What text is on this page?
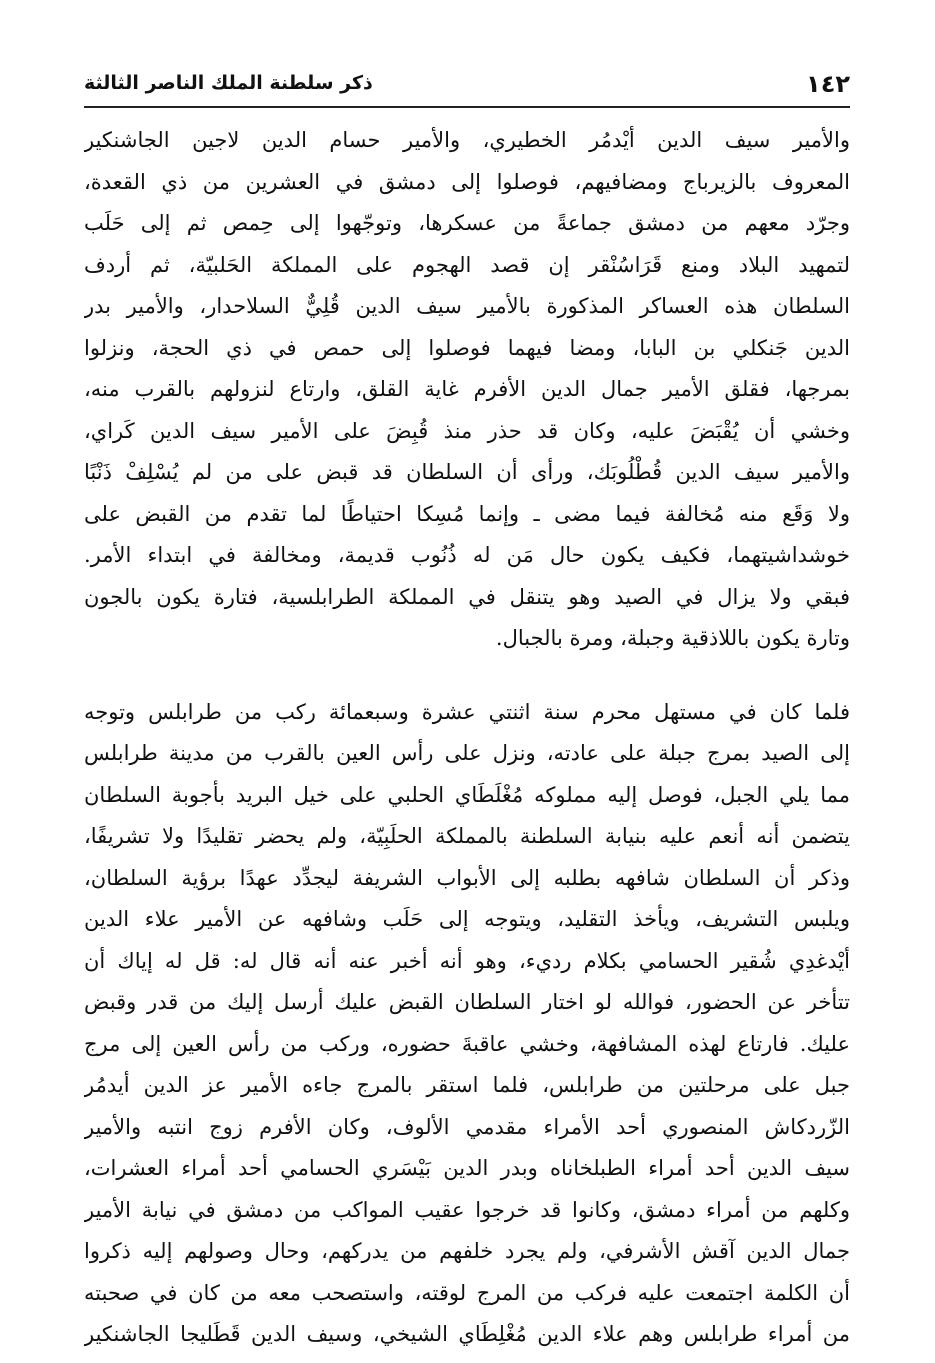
١٤٢
ذكر سلطنة الملك الناصر الثالثة
والأمير سيف الدين أيْدمُر الخطيري، والأمير حسام الدين لاجين الجاشنكير
المعروف بالزيرباج ومضافيهم، فوصلوا إلى دمشق في العشرين من ذي القعدة،
وجرّد معهم من دمشق جماعةً من عسكرها، وتوجّهوا إلى حِمص ثم إلى حَلَب
لتمهيد البلاد ومنع قَرَاسُنْقر إن قصد الهجوم على المملكة الحَلبيّة، ثم أردف
السلطان هذه العساكر المذكورة بالأمير سيف الدين قُلِيٌّ السلاحدار، والأمير بدر
الدين جَنكلي بن البابا، ومضا فيهما فوصلوا إلى حمص في ذي الحجة، ونزلوا
بمرجها، فقلق الأمير جمال الدين الأفرم غاية القلق، وارتاع لنزولهم بالقرب منه،
وخشي أن يُقْبَضَ عليه، وكان قد حذر منذ قُبِضَ على الأمير سيف الدين كَراي،
والأمير سيف الدين قُطْلُوبَك، ورأى أن السلطان قد قبض على من لم يُسْلِفْ ذَنْبًا
ولا وَقَع منه مُخالفة فيما مضى ـ وإنما مُسِكا احتياطًا لما تقدم من القبض على
خوشداشيتهما، فكيف يكون حال مَن له ذُنُوب قديمة، ومخالفة في ابتداء الأمر.
فبقي ولا يزال في الصيد وهو يتنقل في المملكة الطرابلسية، فتارة يكون بالجون
وتارة يكون باللاذقية وجبلة، ومرة بالجبال.
فلما كان في مستهل محرم سنة اثنتي عشرة وسبعمائة ركب من طرابلس وتوجه
إلى الصيد بمرج جبلة على عادته، ونزل على رأس العين بالقرب من مدينة طرابلس
مما يلي الجبل، فوصل إليه مملوكه مُغْلَطَاي الحلبي على خيل البريد بأجوبة السلطان
يتضمن أنه أنعم عليه بنيابة السلطنة بالمملكة الحلَبِيّة، ولم يحضر تقليدًا ولا تشريفًا،
وذكر أن السلطان شافهه بطلبه إلى الأبواب الشريفة ليجدِّد عهدًا برؤية السلطان،
ويلبس التشريف، ويأخذ التقليد، ويتوجه إلى حَلَب وشافهه عن الأمير علاء الدين
أيْدغدِي شُقير الحسامي بكلام رديء، وهو أنه أخبر عنه أنه قال له: قل له إياك أن
تتأخر عن الحضور، فوالله لو اختار السلطان القبض عليك أرسل إليك من قدر وقبض
عليك. فارتاع لهذه المشافهة، وخشي عاقبةَ حضوره، وركب من رأس العين إلى مرج
جبل على مرحلتين من طرابلس، فلما استقر بالمرج جاءه الأمير عز الدين أيدمُر
الزّردكاش المنصوري أحد الأمراء مقدمي الألوف، وكان الأفرم زوج انتبه والأمير
سيف الدين أحد أمراء الطبلخاناه وبدر الدين بَيْسَري الحسامي أحد أمراء العشرات،
وكلهم من أمراء دمشق، وكانوا قد خرجوا عقيب المواكب من دمشق في نيابة الأمير
جمال الدين آقش الأشرفي، ولم يجرد خلفهم من يدركهم، وحال وصولهم إليه ذكروا
أن الكلمة اجتمعت عليه فركب من المرج لوقته، واستصحب معه من كان في صحبته
من أمراء طرابلس وهم علاء الدين مُغْلِطَاي الشيخي، وسيف الدين قَطَليجا الجاشنكير
